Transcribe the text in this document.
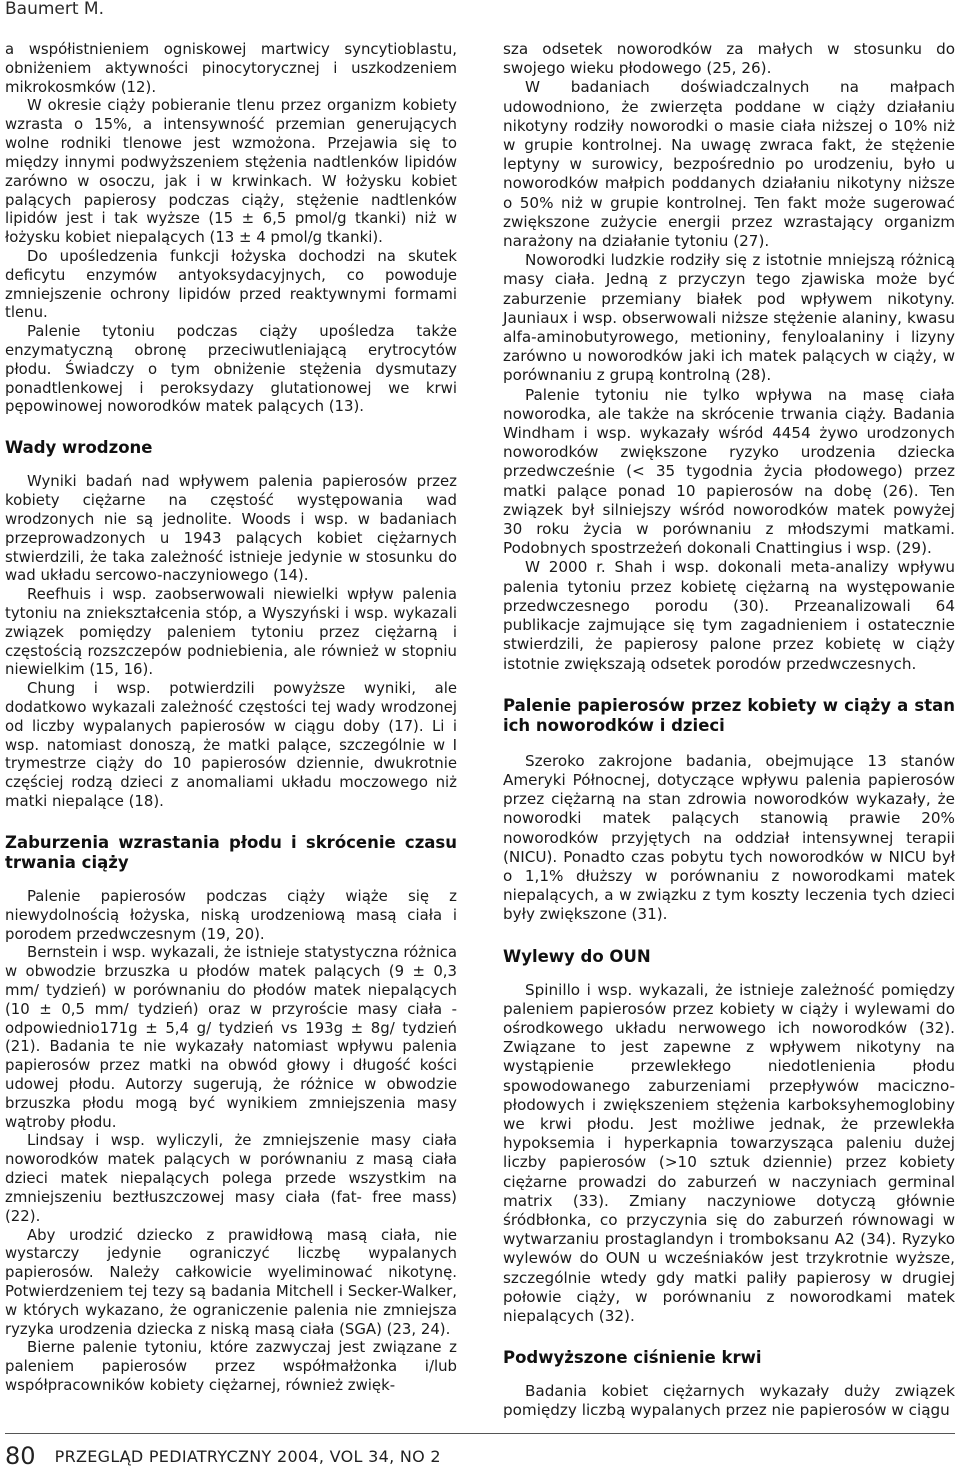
Baumert M.

a współistnieniem ogniskowej martwicy syncytioblastu, obniżeniem aktywności pinocytorycznej i uszkodzeniem mikrokosmków (12).

W okresie ciąży pobieranie tlenu przez organizm kobiety wzrasta o 15%, a intensywność przemian generujących wolne rodniki tlenowe jest wzmożona. Przejawia się to między innymi podwyższeniem stężenia nadtlenków lipidów zarówno w osoczu, jak i w krwinkach. W łożysku kobiet palących papierosy podczas ciąży, stężenie nadtlenków lipidów jest i tak wyższe (15 ± 6,5 pmol/g tkanki) niż w łożysku kobiet niepalących (13 ± 4 pmol/g tkanki).

Do upośledzenia funkcji łożyska dochodzi na skutek deficytu enzymów antyoksydacyjnych, co powoduje zmniejszenie ochrony lipidów przed reaktywnymi formami tlenu.

Palenie tytoniu podczas ciąży upośledza także enzymatyczną obronę przeciwutleniającą erytrocytów płodu. Świadczy o tym obniżenie stężenia dysmutazy ponadtlenkowej i peroksydazy glutationowej we krwi pępowinowej noworodków matek palących (13).

Wady wrodzone

Wyniki badań nad wpływem palenia papierosów przez kobiety ciężarne na częstość występowania wad wrodzonych nie są jednolite. Woods i wsp. w badaniach przeprowadzonych u 1943 palących kobiet ciężarnych stwierdzili, że taka zależność istnieje jedynie w stosunku do wad układu sercowo-naczyniowego (14).

Reefhuis i wsp. zaobserwowali niewielki wpływ palenia tytoniu na zniekształcenia stóp, a Wyszyński i wsp. wykazali związek pomiędzy paleniem tytoniu przez ciężarną i częstością rozszczepów podniebienia, ale również w stopniu niewielkim (15, 16).

Chung i wsp. potwierdzili powyższe wyniki, ale dodatkowo wykazali zależność częstości tej wady wrodzonej od liczby wypalanych papierosów w ciągu doby (17). Li i wsp. natomiast donoszą, że matki palące, szczególnie w I trymestrze ciąży do 10 papierosów dziennie, dwukrotnie częściej rodzą dzieci z anomaliami układu moczowego niż matki niepalące (18).

Zaburzenia wzrastania płodu i skrócenie czasu trwania ciąży

Palenie papierosów podczas ciąży wiąże się z niewydolnością łożyska, niską urodzeniową masą ciała i porodem przedwczesnym (19, 20).

Bernstein i wsp. wykazali, że istnieje statystyczna różnica w obwodzie brzuszka u płodów matek palących (9 ± 0,3 mm/ tydzień) w porównaniu do płodów matek niepalących (10 ± 0,5 mm/ tydzień) oraz w przyroście masy ciała - odpowiednio171g ± 5,4 g/ tydzień vs 193g ± 8g/ tydzień (21). Badania te nie wykazały natomiast wpływu palenia papierosów przez matki na obwód głowy i długość kości udowej płodu. Autorzy sugerują, że różnice w obwodzie brzuszka płodu mogą być wynikiem zmniejszenia masy wątroby płodu.

Lindsay i wsp. wyliczyli, że zmniejszenie masy ciała noworodków matek palących w porównaniu z masą ciała dzieci matek niepalących polega przede wszystkim na zmniejszeniu beztłuszczowej masy ciała (fat- free mass) (22).

Aby urodzić dziecko z prawidłową masą ciała, nie wystarczy jedynie ograniczyć liczbę wypalanych papierosów. Należy całkowicie wyeliminować nikotynę. Potwierdzeniem tej tezy są badania Mitchell i Secker-Walker, w których wykazano, że ograniczenie palenia nie zmniejsza ryzyka urodzenia dziecka z niską masą ciała (SGA) (23, 24).

Bierne palenie tytoniu, które zazwyczaj jest związane z paleniem papierosów przez współmałżonka i/lub współpracowników kobiety ciężarnej, również zwięk-

sza odsetek noworodków za małych w stosunku do swojego wieku płodowego (25, 26).

W badaniach doświadczalnych na małpach udowodniono, że zwierzęta poddane w ciąży działaniu nikotyny rodziły noworodki o masie ciała niższej o 10% niż w grupie kontrolnej. Na uwagę zwraca fakt, że stężenie leptyny w surowicy, bezpośrednio po urodzeniu, było u noworodków małpich poddanych działaniu nikotyny niższe o 50% niż w grupie kontrolnej. Ten fakt może sugerować zwiększone zużycie energii przez wzrastający organizm narażony na działanie tytoniu (27).

Noworodki ludzkie rodziły się z istotnie mniejszą różnicą masy ciała. Jedną z przyczyn tego zjawiska może być zaburzenie przemiany białek pod wpływem nikotyny. Jauniaux i wsp. obserwowali niższe stężenie alaniny, kwasu alfa-aminobutyrowego, metioniny, fenyloalaniny i lizyny zarówno u noworodków jaki ich matek palących w ciąży, w porównaniu z grupą kontrolną (28).

Palenie tytoniu nie tylko wpływa na masę ciała noworodka, ale także na skrócenie trwania ciąży. Badania Windham i wsp. wykazały wśród 4454 żywo urodzonych noworodków zwiększone ryzyko urodzenia dziecka przedwcześnie (< 35 tygodnia życia płodowego) przez matki palące ponad 10 papierosów na dobę (26). Ten związek był silniejszy wśród noworodków matek powyżej 30 roku życia w porównaniu z młodszymi matkami. Podobnych spostrzeżeń dokonali Cnattingius i wsp. (29).

W 2000 r. Shah i wsp. dokonali meta-analizy wpływu palenia tytoniu przez kobietę ciężarną na występowanie przedwczesnego porodu (30). Przeanalizowali 64 publikacje zajmujące się tym zagadnieniem i ostatecznie stwierdzili, że papierosy palone przez kobietę w ciąży istotnie zwiększają odsetek porodów przedwczesnych.

Palenie papierosów przez kobiety w ciąży a stan ich noworodków i dzieci

Szeroko zakrojone badania, obejmujące 13 stanów Ameryki Północnej, dotyczące wpływu palenia papierosów przez ciężarną na stan zdrowia noworodków wykazały, że noworodki matek palących stanowią prawie 20% noworodków przyjętych na oddział intensywnej terapii (NICU). Ponadto czas pobytu tych noworodków w NICU był o 1,1% dłuższy w porównaniu z noworodkami matek niepalących, a w związku z tym koszty leczenia tych dzieci były zwiększone (31).

Wylewy do OUN

Spinillo i wsp. wykazali, że istnieje zależność pomiędzy paleniem papierosów przez kobiety w ciąży i wylewami do ośrodkowego układu nerwowego ich noworodków (32). Związane to jest zapewne z wpływem nikotyny na wystąpienie przewlekłego niedotlenienia płodu spowodowanego zaburzeniami przepływów maciczno-płodowych i zwiększeniem stężenia karboksyhemoglobiny we krwi płodu. Jest możliwe jednak, że przewlekła hypoksemia i hyperkapnia towarzysząca paleniu dużej liczby papierosów (>10 sztuk dziennie) przez kobiety ciężarne prowadzi do zaburzeń w naczyniach germinal matrix (33). Zmiany naczyniowe dotyczą głównie śródbłonka, co przyczynia się do zaburzeń równowagi w wytwarzaniu prostaglandyn i tromboksanu A2 (34). Ryzyko wylewów do OUN u wcześniaków jest trzykrotnie wyższe, szczególnie wtedy gdy matki paliły papierosy w drugiej połowie ciąży, w porównaniu z noworodkami matek niepalących (32).

Podwyższone ciśnienie krwi

Badania kobiet ciężarnych wykazały duży związek pomiędzy liczbą wypalanych przez nie papierosów w ciągu

80 PRZEGLĄD PEDIATRYCZNY 2004, VOL 34, NO 2
